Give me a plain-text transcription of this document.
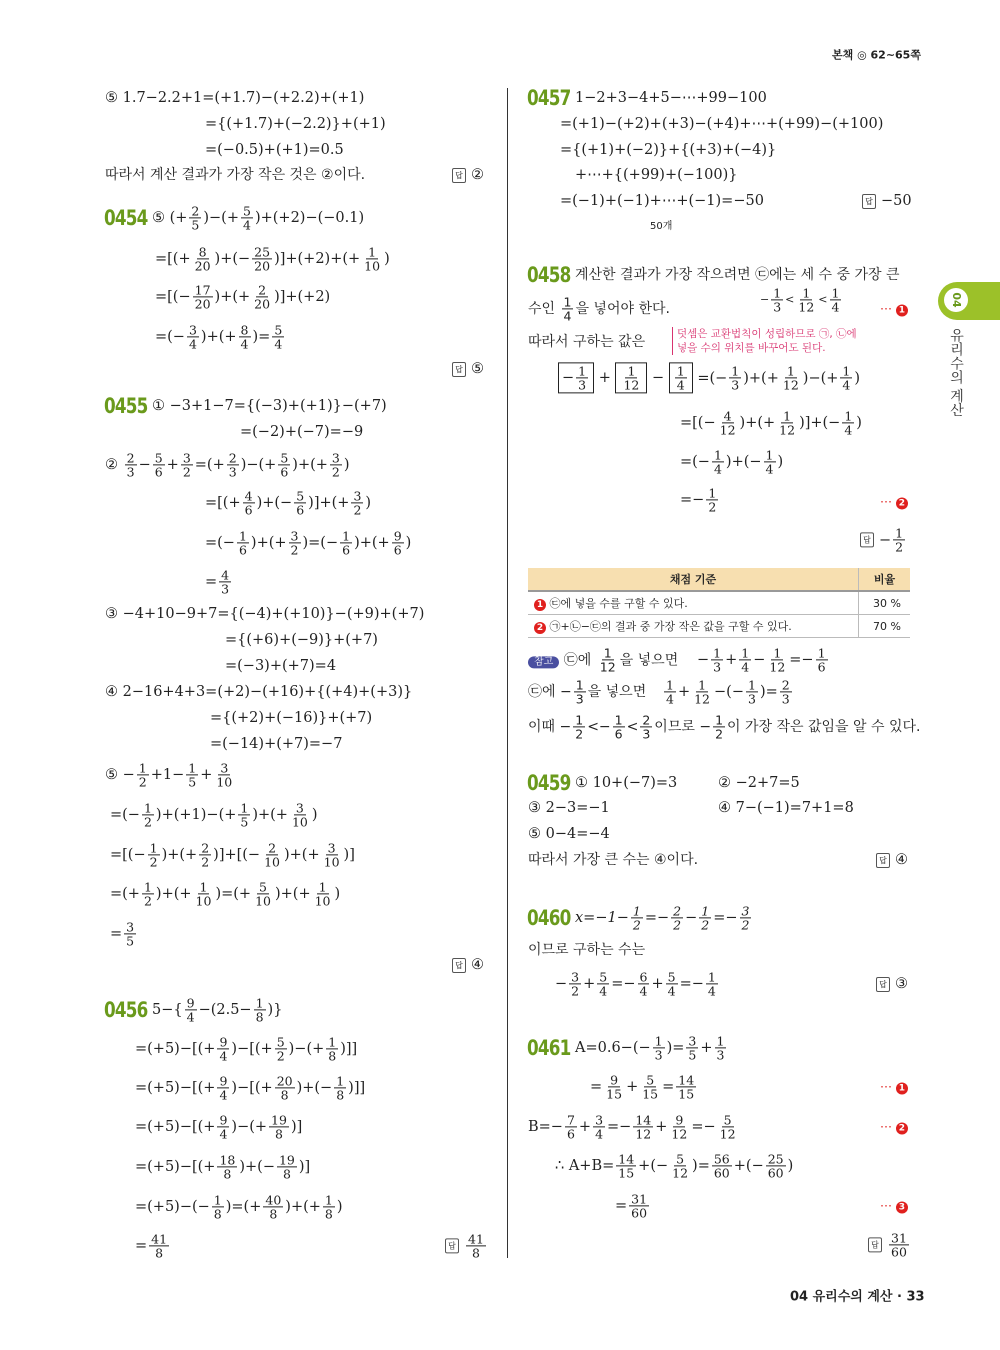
본책 ◎ 62~65쪽
04
유리수의 계산
⑤ 1.7−2.2+1=(+1.7)−(+2.2)+(+1)
={(+1.7)+(−2.2)}+(+1)
=(−0.5)+(+1)=0.5
따라서 계산 결과가 가장 작은 것은 ②이다.	답 ②
0454 ⑤ (+ $\frac{2}{5}$ )−(+ $\frac{5}{4} )+(+2)-(-0.1)$
=[(+ $\frac{8}{20}$ )+(− $\frac{25}{20} )]+(+2)+(+ \frac{1}{10}$ )
=[(− $\frac{17}{20}$ )+(+ $\frac{2}{20} )]+(+2)$
=(− $\frac{3}{4}$ )+(+ $\frac{8}{4}$ )= $\frac{5}{4}$
답 ⑤
0455 ① −3+1−7={(−3)+(+1)}−(+7)
=(−2)+(−7)=−9
② $\frac{2}{3} - \frac{5}{6} + \frac{3}{2}$ =(+ $\frac{2}{3}$ )−(+ $\frac{5}{6}$ )+(+ $\frac{3}{2}$ )
=[(+ $\frac{4}{6}$ )+(− $\frac{5}{6}$ )]+(+ $\frac{3}{2}$ )
=(− $\frac{1}{6}$ )+(+ $\frac{3}{2}$ )=(− $\frac{1}{6}$ )+(+ $\frac{9}{6}$ )
= $\frac{4}{3}$
③ −4+10−9+7={(−4)+(+10)}−(+9)+(+7)
={(+6)+(−9)}+(+7)
=(−3)+(+7)=4
④ 2−16+4+3=(+2)−(+16)+{(+4)+(+3)}
={(+2)+(−16)}+(+7)
=(−14)+(+7)=−7
⑤ − $\frac{1}{2} +1- \frac{1}{5} + \frac{3}{10}$
=(− $\frac{1}{2} )+(+1)-(+ \frac{1}{5}$ )+(+ $\frac{3}{10}$ )
=[(− $\frac{1}{2}$ )+(+ $\frac{2}{2}$ )]+[(− $\frac{2}{10}$ )+(+ $\frac{3}{10}$ )]
=(+ $\frac{1}{2}$ )+(+ $\frac{1}{10}$ )=(+ $\frac{5}{10}$ )+(+ $\frac{1}{10}$ )
= $\frac{3}{5}$
답 ④
0456 $5-\{ \frac{9}{4} -(2.5- \frac{1}{8}$ )}
$=(+5)-[(+ \frac{9}{4}$ )−[(+ $\frac{5}{2}$ )−(+ $\frac{1}{8}$ )]]
$=(+5)-[(+ \frac{9}{4}$ )−[(+ $\frac{20}{8}$ )+(− $\frac{1}{8}$ )]]
$=(+5)-[(+ \frac{9}{4}$ )−(+ $\frac{19}{8}$ )]
$=(+5)-[(+ \frac{18}{8}$ )+(− $\frac{19}{8}$ )]
$=(+5)-(- \frac{1}{8}$ )=(+ $\frac{40}{8}$ )+(+ $\frac{1}{8}$ )
= $\frac{41}{8}$	답 $\frac{41}{8}$
0457 1−2+3−4+5−⋯+99−100
=(+1)−(+2)+(+3)−(+4)+⋯+(+99)−(+100)
={(+1)+(−2)}+{(+3)+(−4)}
+⋯+{(+99)+(−100)}
=(−1)+(−1)+⋯+(−1)=−50
50개
답 −50
0458 계산한 결과가 가장 작으려면 ㉢에는 세 수 중 가장 큰
수인 $\frac{1}{4}$ 을 넣어야 한다.
− $\frac{1}{3} < \frac{1}{12} < \frac{1}{4}$	⋯ 1
따라서 구하는 값은	덧셈은 교환법칙이 성립하므로 ㉠, ㉡에
넣을 수의 위치를 바꾸어도 된다.
− $\frac{1}{3} + \frac{1}{12} - \frac{1}{4}$ =(− $\frac{1}{3}$ )+(+ $\frac{1}{12}$ )−(+ $\frac{1}{4}$ )
=[(− $\frac{4}{12}$ )+(+ $\frac{1}{12}$ )]+(− $\frac{1}{4}$ )
=(− $\frac{1}{4}$ )+(− $\frac{1}{4}$ )
=− $\frac{1}{2}$	⋯ 2
답 − $\frac{1}{2}$
채점 기준	비율
1 ㉢에 넣을 수를 구할 수 있다.	30 %
2 ㉠+㉡−㉢의 결과 중 가장 작은 값을 구할 수 있다.	70 %
참고 ㉢에 $\frac{1}{12}$ 을 넣으면 − $\frac{1}{3} + \frac{1}{4} - \frac{1}{12} =- \frac{1}{6}$
㉢에 − $\frac{1}{3}$ 을 넣으면 $\frac{1}{4} + \frac{1}{12}$ −(− $\frac{1}{3}$ )= $\frac{2}{3}$
이때 − $\frac{1}{2} <- \frac{1}{6} < \frac{2}{3}$ 이므로 − $\frac{1}{2}$ 이 가장 작은 값임을 알 수 있다.
0459 ① 10+(−7)=3	② −2+7=5
③ 2−3=−1	④ 7−(−1)=7+1=8
⑤ 0−4=−4
따라서 가장 큰 수는 ④이다.	답 ④
0460 $x=-1- \frac{1}{2} =- \frac{2}{2} - \frac{1}{2} =- \frac{3}{2}$
이므로 구하는 수는
− $\frac{3}{2} + \frac{5}{4} =- \frac{6}{4} + \frac{5}{4} =- \frac{1}{4}$	답 ③
0461 $A=0.6-(- \frac{1}{3}$ )= $\frac{3}{5} + \frac{1}{3}$
= $\frac{9}{15} + \frac{5}{15} = \frac{14}{15}$	⋯ 1
$B=- \frac{7}{6} + \frac{3}{4} =- \frac{14}{12} + \frac{9}{12} =- \frac{5}{12}$	⋯ 2
∴ $A+B= \frac{14}{15}$ +(− $\frac{5}{12}$ )= $\frac{56}{60}$ +(− $\frac{25}{60}$ )
= $\frac{31}{60}$	⋯ 3
답 $\frac{31}{60}$
04 유리수의 계산 · 33
